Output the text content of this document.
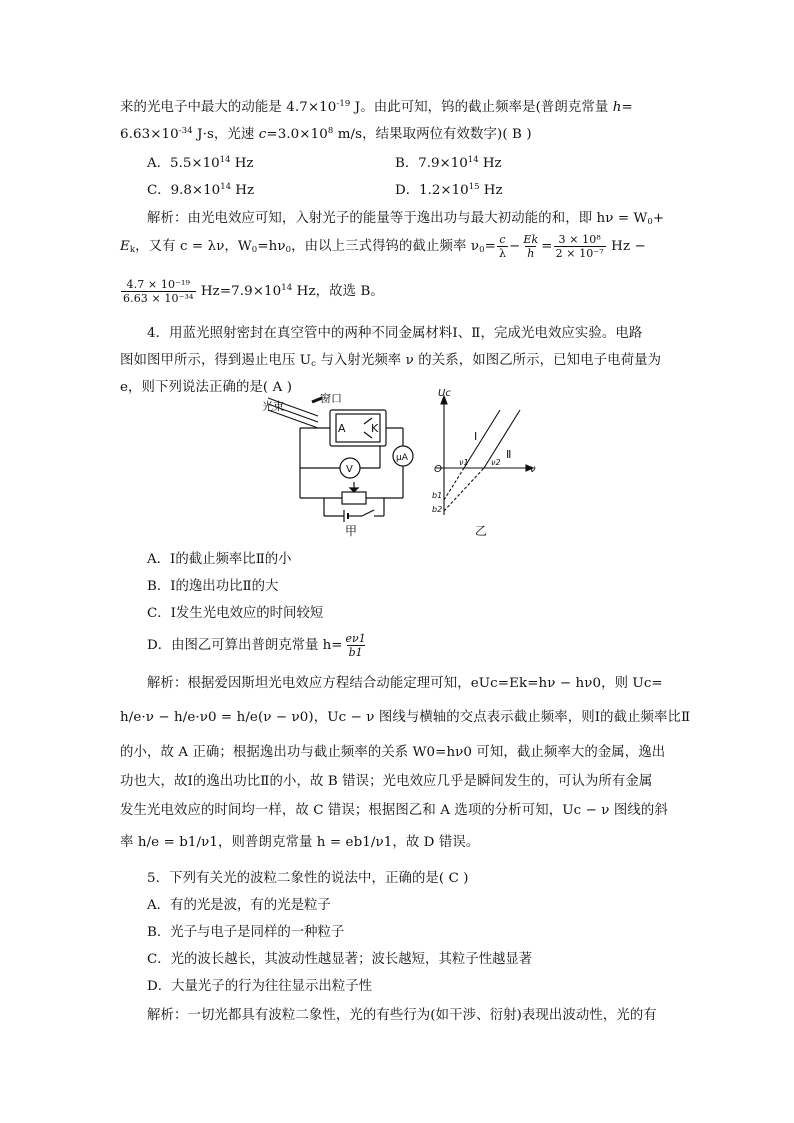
来的光电子中最大的动能是 $4.7\times 10^{-19}$ J。由此可知，钨的截止频率是(普朗克常量 h=
$6.63\times 10^{-34}$ J·s，光速 $c=3.0\times 10^8$ m/s，结果取两位有效数字)( B )
A．$5.5\times 10^{14}$ Hz	B．$7.9\times 10^{14}$ Hz
C．$9.8\times 10^{14}$ Hz	D．$1.2\times 10^{15}$ Hz
解析：由光电效应可知，入射光子的能量等于逸出功与最大初动能的和，即 $h\nu = W_0+$
$E_k$，又有 c = λν，$W_0=h\nu_0$，由以上三式得钨的截止频率 $\nu_0= \frac{c}{\lambda} - \frac{Ek}{h} = \frac{\text{3 × 10⁸}}{\text{2 × 10⁻⁷}}$ Hz −
$\frac{\text{4.7 × 10⁻¹⁹}}{\text{6.63 × 10⁻³⁴}} Hz=7.9\times 10^{14}$ Hz，故选 B。
4．用蓝光照射密封在真空管中的两种不同金属材料Ⅰ、Ⅱ，完成光电效应实验。电路
图如图甲所示，得到遏止电压 $U_c$ 与入射光频率 ν 的关系，如图乙所示，已知电子电荷量为
e，则下列说法正确的是( A )
光束
窗口
A K
V
μA
甲
Uc
ν
O
Ⅰ
Ⅱ
ν1	ν2
b1
b2
乙
A．Ⅰ的截止频率比Ⅱ的小
B．Ⅰ的逸出功比Ⅱ的大
C．Ⅰ发生光电效应的时间较短
D．由图乙可算出普朗克常量 $h= \frac{e\nu 1}{b1}$
解析：根据爱因斯坦光电效应方程结合动能定理可知，eUc=Ek=hν − hν0，则 Uc=
h/e·ν − h/e·ν0 = h/e(ν − ν0)，Uc − ν 图线与横轴的交点表示截止频率，则Ⅰ的截止频率比Ⅱ
的小，故 A 正确；根据逸出功与截止频率的关系 W0=hν0 可知，截止频率大的金属，逸出
功也大，故Ⅰ的逸出功比Ⅱ的小，故 B 错误；光电效应几乎是瞬间发生的，可认为所有金属
发生光电效应的时间均一样，故 C 错误；根据图乙和 A 选项的分析可知，Uc − ν 图线的斜
率 h/e = b1/ν1，则普朗克常量 h = eb1/ν1，故 D 错误。
5．下列有关光的波粒二象性的说法中，正确的是( C )
A．有的光是波，有的光是粒子
B．光子与电子是同样的一种粒子
C．光的波长越长，其波动性越显著；波长越短，其粒子性越显著
D．大量光子的行为往往显示出粒子性
解析：一切光都具有波粒二象性，光的有些行为(如干涉、衍射)表现出波动性，光的有
